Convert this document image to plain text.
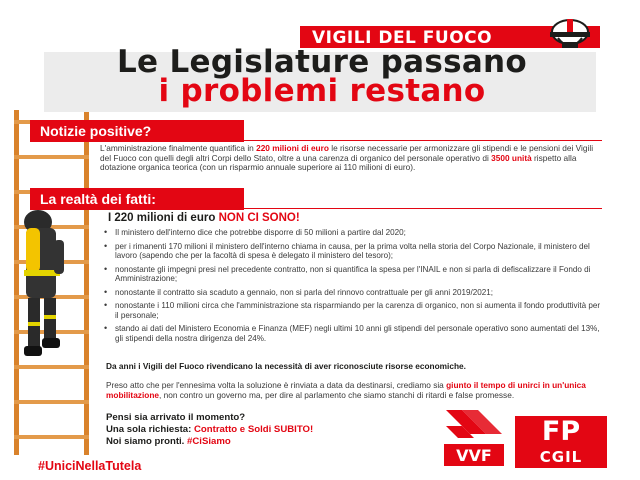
VIGILI DEL FUOCO
Le Legislature passano
i problemi restano
Notizie positive?

L'amministrazione finalmente quantifica in 220 milioni di euro le risorse necessarie per armonizzare gli stipendi e le pensioni dei Vigili del Fuoco con quelli degli altri Corpi dello Stato, oltre a una carenza di organico del personale operativo di 3500 unità rispetto alla dotazione organica teorica (con un risparmio annuale superiore ai 110 milioni di euro).

La realtà dei fatti:
I 220 milioni di euro NON CI SONO!
• Il ministero dell'interno dice che potrebbe disporre di 50 milioni a partire dal 2020;
• per i rimanenti 170 milioni il ministero dell'interno chiama in causa, per la prima volta nella storia del Corpo Nazionale, il ministero del lavoro (sapendo che per la facoltà di spesa è delegato il ministero del tesoro);
• nonostante gli impegni presi nel precedente contratto, non si quantifica la spesa per l'INAIL e non si parla di defiscalizzare il Fondo di Amministrazione;
• nonostante il contratto sia scaduto a gennaio, non si parla del rinnovo contrattuale per gli anni 2019/2021;
• nonostante i 110 milioni circa che l'amministrazione sta risparmiando per la carenza di organico, non si aumenta il fondo produttività per il personale;
• stando ai dati del Ministero Economia e Finanza (MEF) negli ultimi 10 anni gli stipendi del personale operativo sono aumentati del 13%, gli stipendi della nostra dirigenza del 24%.

Da anni i Vigili del Fuoco rivendicano la necessità di aver riconosciute risorse economiche.

Preso atto che per l'ennesima volta la soluzione è rinviata a data da destinarsi, crediamo sia giunto il tempo di unirci in un'unica mobilitazione, non contro un governo ma, per dire al parlamento che siamo stanchi di ritardi e false promesse.

Pensi sia arrivato il momento?
Una sola richiesta: Contratto e Soldi SUBITO!
Noi siamo pronti. #CiSiamo
VVF
FP
CGIL
#UniciNellaTutela
